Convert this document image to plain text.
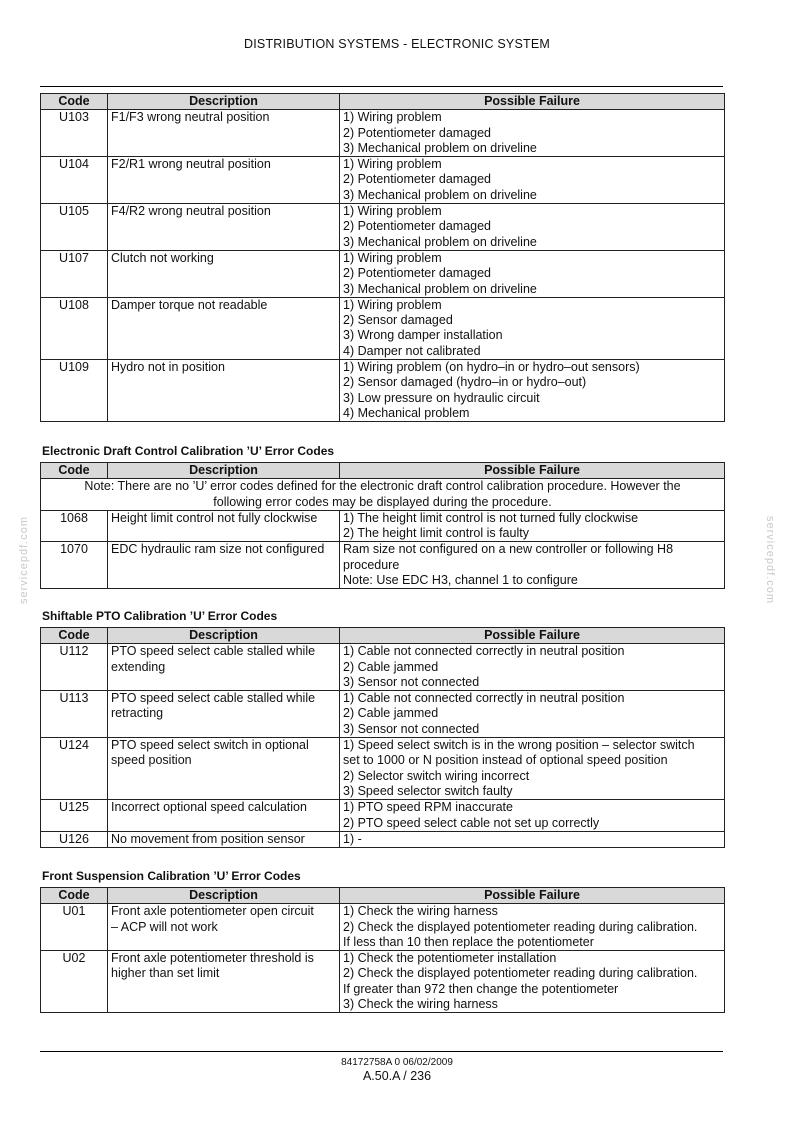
DISTRIBUTION SYSTEMS - ELECTRONIC SYSTEM
Code	Description	Possible Failure
U103	F1/F3 wrong neutral position	1) Wiring problem
2) Potentiometer damaged
3) Mechanical problem on driveline

U104	F2/R1 wrong neutral position	1) Wiring problem
2) Potentiometer damaged
3) Mechanical problem on driveline

U105	F4/R2 wrong neutral position	1) Wiring problem
2) Potentiometer damaged
3) Mechanical problem on driveline

U107	Clutch not working	1) Wiring problem
2) Potentiometer damaged
3) Mechanical problem on driveline

U108	Damper torque not readable	1) Wiring problem
2) Sensor damaged
3) Wrong damper installation
4) Damper not calibrated

U109	Hydro not in position	1) Wiring problem (on hydro–in or hydro–out sensors)
2) Sensor damaged (hydro–in or hydro–out)
3) Low pressure on hydraulic circuit
4) Mechanical problem
Electronic Draft Control Calibration ’U’ Error Codes
Code	Description	Possible Failure

Note: There are no ’U’ error codes defined for the electronic draft control calibration procedure. However the
following error codes may be displayed during the procedure.		

1068	Height limit control not fully clockwise	1) The height limit control is not turned fully clockwise
2) The height limit control is faulty

1070	EDC hydraulic ram size not configured	Ram size not configured on a new controller or following H8
procedure
Note: Use EDC H3, channel 1 to configure
Shiftable PTO Calibration ’U’ Error Codes
Code	Description	Possible Failure
U112	PTO speed select cable stalled while
extending	1) Cable not connected correctly in neutral position
2) Cable jammed
3) Sensor not connected

U113	PTO speed select cable stalled while
retracting	1) Cable not connected correctly in neutral position
2) Cable jammed
3) Sensor not connected

U124	PTO speed select switch in optional
speed position	1) Speed select switch is in the wrong position – selector switch
set to 1000 or N position instead of optional speed position
2) Selector switch wiring incorrect
3) Speed selector switch faulty

U125	Incorrect optional speed calculation	1) PTO speed RPM inaccurate
2) PTO speed select cable not set up correctly

U126	No movement from position sensor	1) -
Front Suspension Calibration ’U’ Error Codes
Code	Description	Possible Failure
U01	Front axle potentiometer open circuit
– ACP will not work	1) Check the wiring harness
2) Check the displayed potentiometer reading during calibration.
If less than 10 then replace the potentiometer

U02	Front axle potentiometer threshold is
higher than set limit	1) Check the potentiometer installation
2) Check the displayed potentiometer reading during calibration.
If greater than 972 then change the potentiometer
3) Check the wiring harness
servicepdf.com	servicepdf.com
84172758A 0 06/02/2009
A.50.A / 236
